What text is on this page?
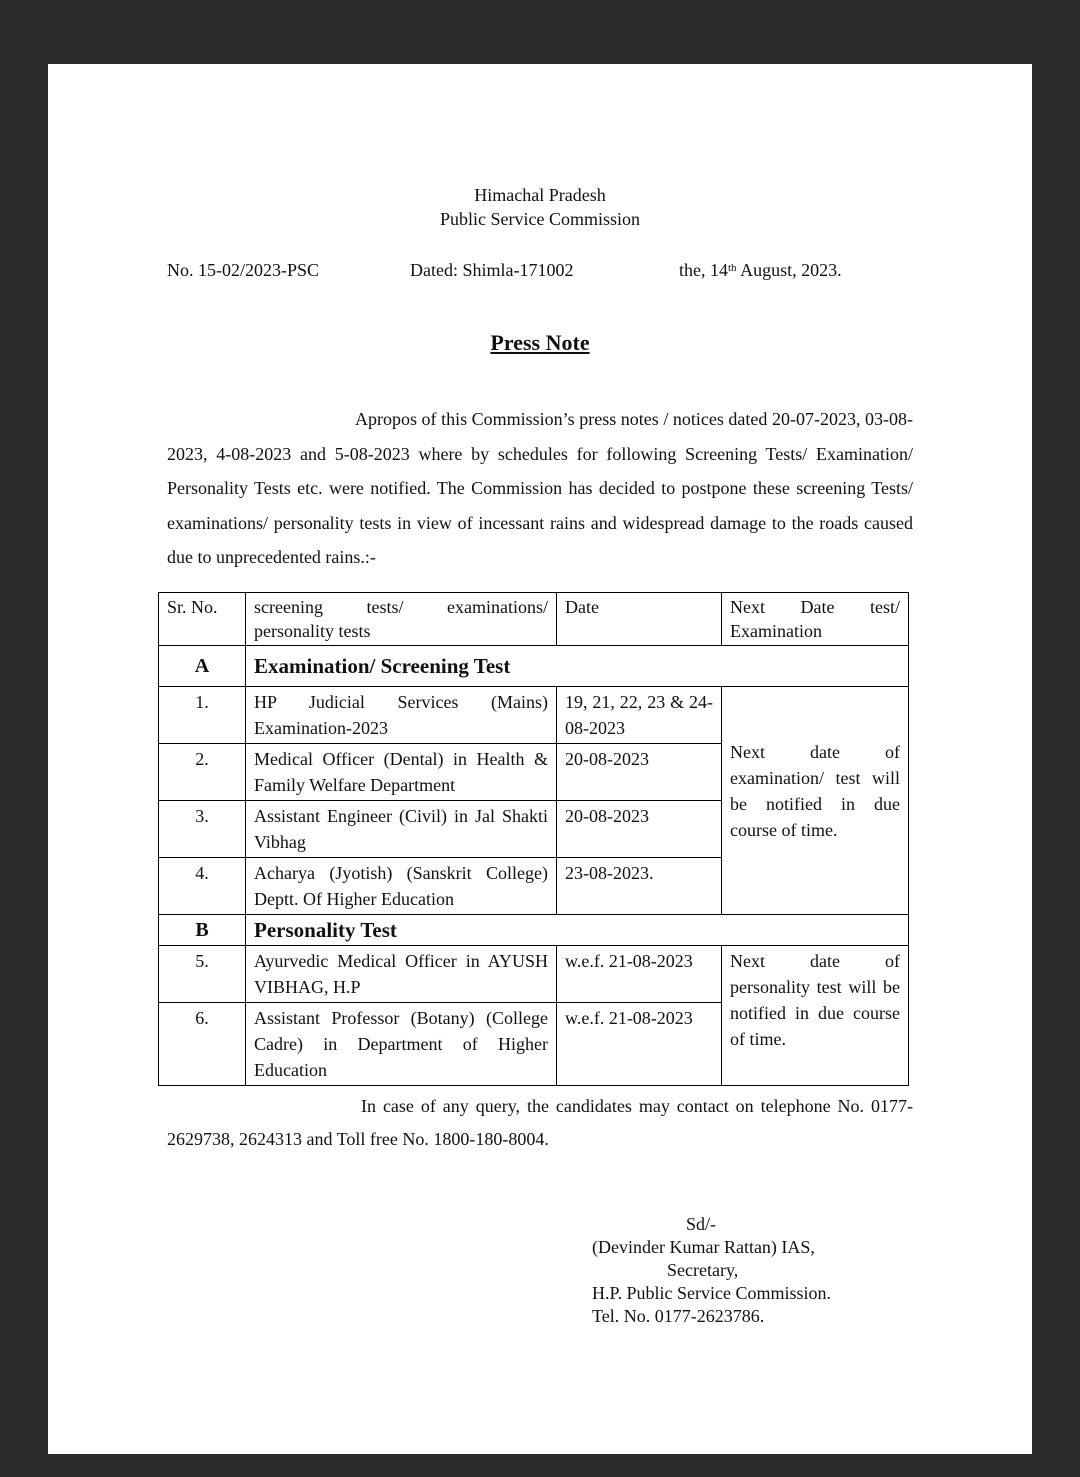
Himachal Pradesh
Public Service Commission
No. 15-02/2023-PSC	Dated: Shimla-171002	the, 14th August, 2023.
Press Note
Apropos of this Commission’s press notes / notices dated 20-07-2023, 03-08-2023, 4-08-2023 and 5-08-2023 where by schedules for following Screening Tests/ Examination/ Personality Tests etc. were notified. The Commission has decided to postpone these screening Tests/ examinations/ personality tests in view of incessant rains and widespread damage to the roads caused due to unprecedented rains.:-
Sr. No.	screening tests/ examinations/ personality tests	Date	Next Date test/ Examination
A	Examination/ Screening Test		
1.	HP Judicial Services (Mains) Examination-2023	19, 21, 22, 23 & 24-08-2023	Next date of examination/ test will be notified in due course of time.
2.	Medical Officer (Dental) in Health & Family Welfare Department	20-08-2023	
3.	Assistant Engineer (Civil) in Jal Shakti Vibhag	20-08-2023	
4.	Acharya (Jyotish) (Sanskrit College) Deptt. Of Higher Education	23-08-2023.	
B	Personality Test		
5.	Ayurvedic Medical Officer in AYUSH VIBHAG, H.P	w.e.f. 21-08-2023	Next date of personality test will be notified in due course of time.
6.	Assistant Professor (Botany) (College Cadre) in Department of Higher Education	w.e.f. 21-08-2023	
In case of any query, the candidates may contact on telephone No. 0177- 2629738, 2624313 and Toll free No. 1800-180-8004.
Sd/-
(Devinder Kumar Rattan) IAS,
Secretary,
H.P. Public Service Commission.
Tel. No. 0177-2623786.
